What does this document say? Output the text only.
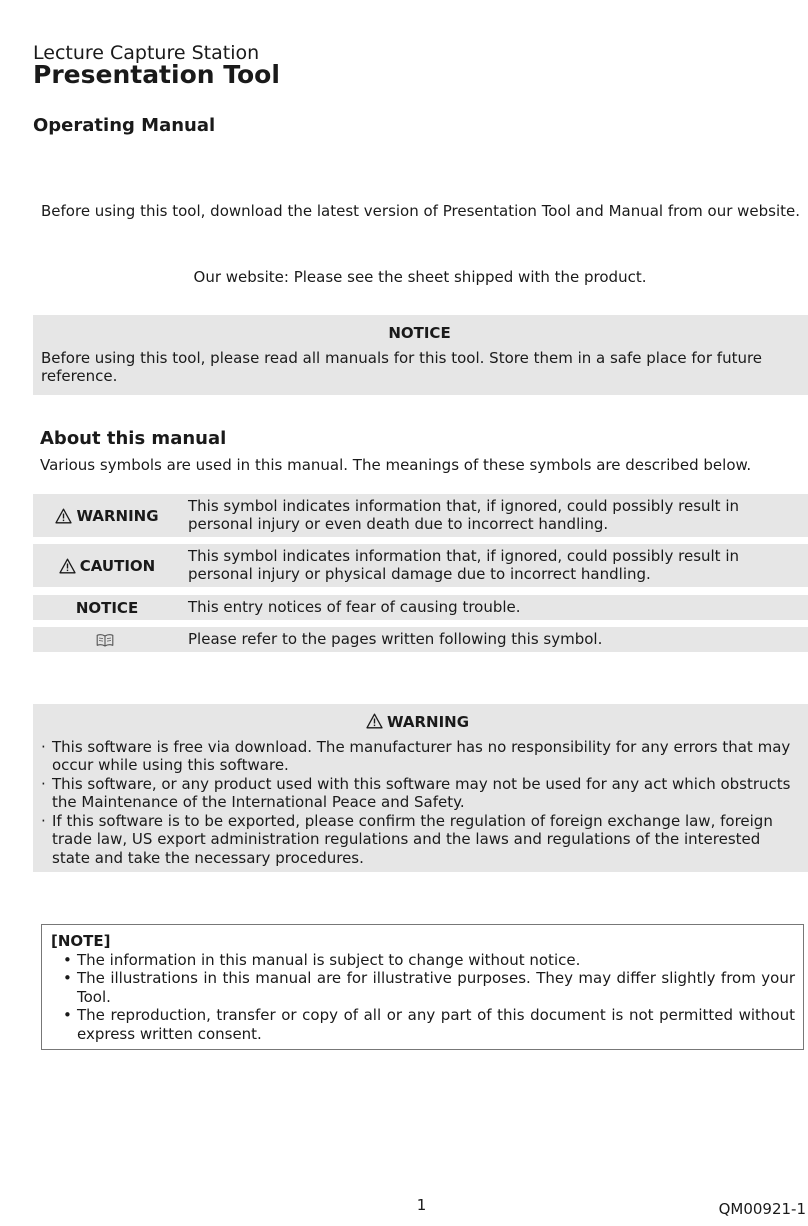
Lecture Capture Station
Presentation Tool
Operating Manual
Before using this tool, download the latest version of Presentation Tool and Manual from our website.
Our website: Please see the sheet shipped with the product.
NOTICE
Before using this tool, please read all manuals for this tool. Store them in a safe place for future reference.
About this manual
Various symbols are used in this manual. The meanings of these symbols are described below.
WARNING
This symbol indicates information that, if ignored, could possibly result in personal injury or even death due to incorrect handling.
CAUTION
This symbol indicates information that, if ignored, could possibly result in personal injury or physical damage due to incorrect handling.
NOTICE	This entry notices of fear of causing trouble.
Please refer to the pages written following this symbol.
WARNING
· This software is free via download. The manufacturer has no responsibility for any errors that may occur while using this software.
· This software, or any product used with this software may not be used for any act which obstructs the Maintenance of the International Peace and Safety.
· If this software is to be exported, please confirm the regulation of foreign exchange law, foreign trade law, US export administration regulations and the laws and regulations of the interested state and take the necessary procedures.
[NOTE]
• The information in this manual is subject to change without notice.
• The illustrations in this manual are for illustrative purposes. They may differ slightly from your Tool.
• The reproduction, transfer or copy of all or any part of this document is not permitted without express written consent.
1	QM00921-1
